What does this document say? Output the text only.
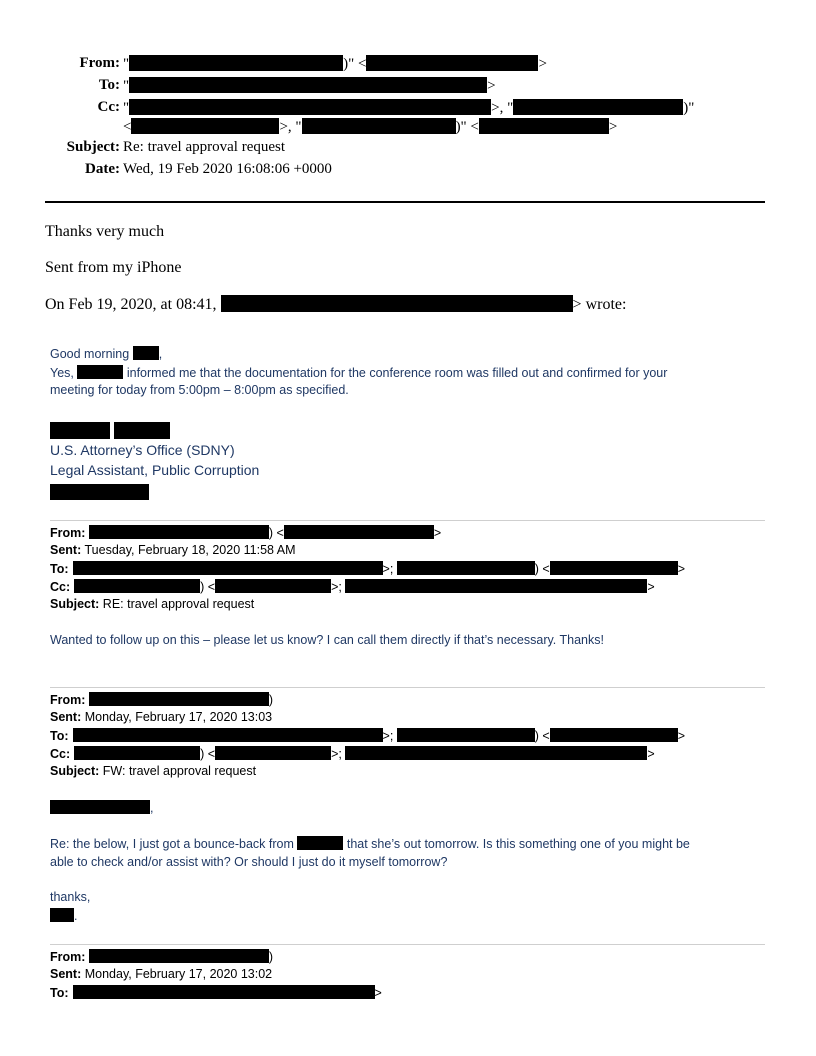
From: "	)" <	>
To: "	>
Cc: "	>, "	)"
<	>, "	)" <	>
Subject: Re: travel approval request
Date: Wed, 19 Feb 2020 16:08:06 +0000
Thanks very much
Sent from my iPhone
On Feb 19, 2020, at 08:41,	> wrote:
Good morning ,
Yes,	informed me that the documentation for the conference room was filled out and confirmed for your
meeting for today from 5:00pm – 8:00pm as specified.
U.S. Attorney’s Office (SDNY)
Legal Assistant, Public Corruption
From:	) <	>
Sent: Tuesday, February 18, 2020 11:58 AM
To:	>;	) <	>
Cc:	) <	>;	>
Subject: RE: travel approval request
Wanted to follow up on this – please let us know? I can call them directly if that’s necessary. Thanks!
From:	)
Sent: Monday, February 17, 2020 13:03
To:	>;	) <	>
Cc:	) <	>;	>
Subject: FW: travel approval request
,
Re: the below, I just got a bounce-back from	that she’s out tomorrow. Is this something one of you might be
able to check and/or assist with? Or should I just do it myself tomorrow?
thanks,
.
From:	)
Sent: Monday, February 17, 2020 13:02
To:	>
